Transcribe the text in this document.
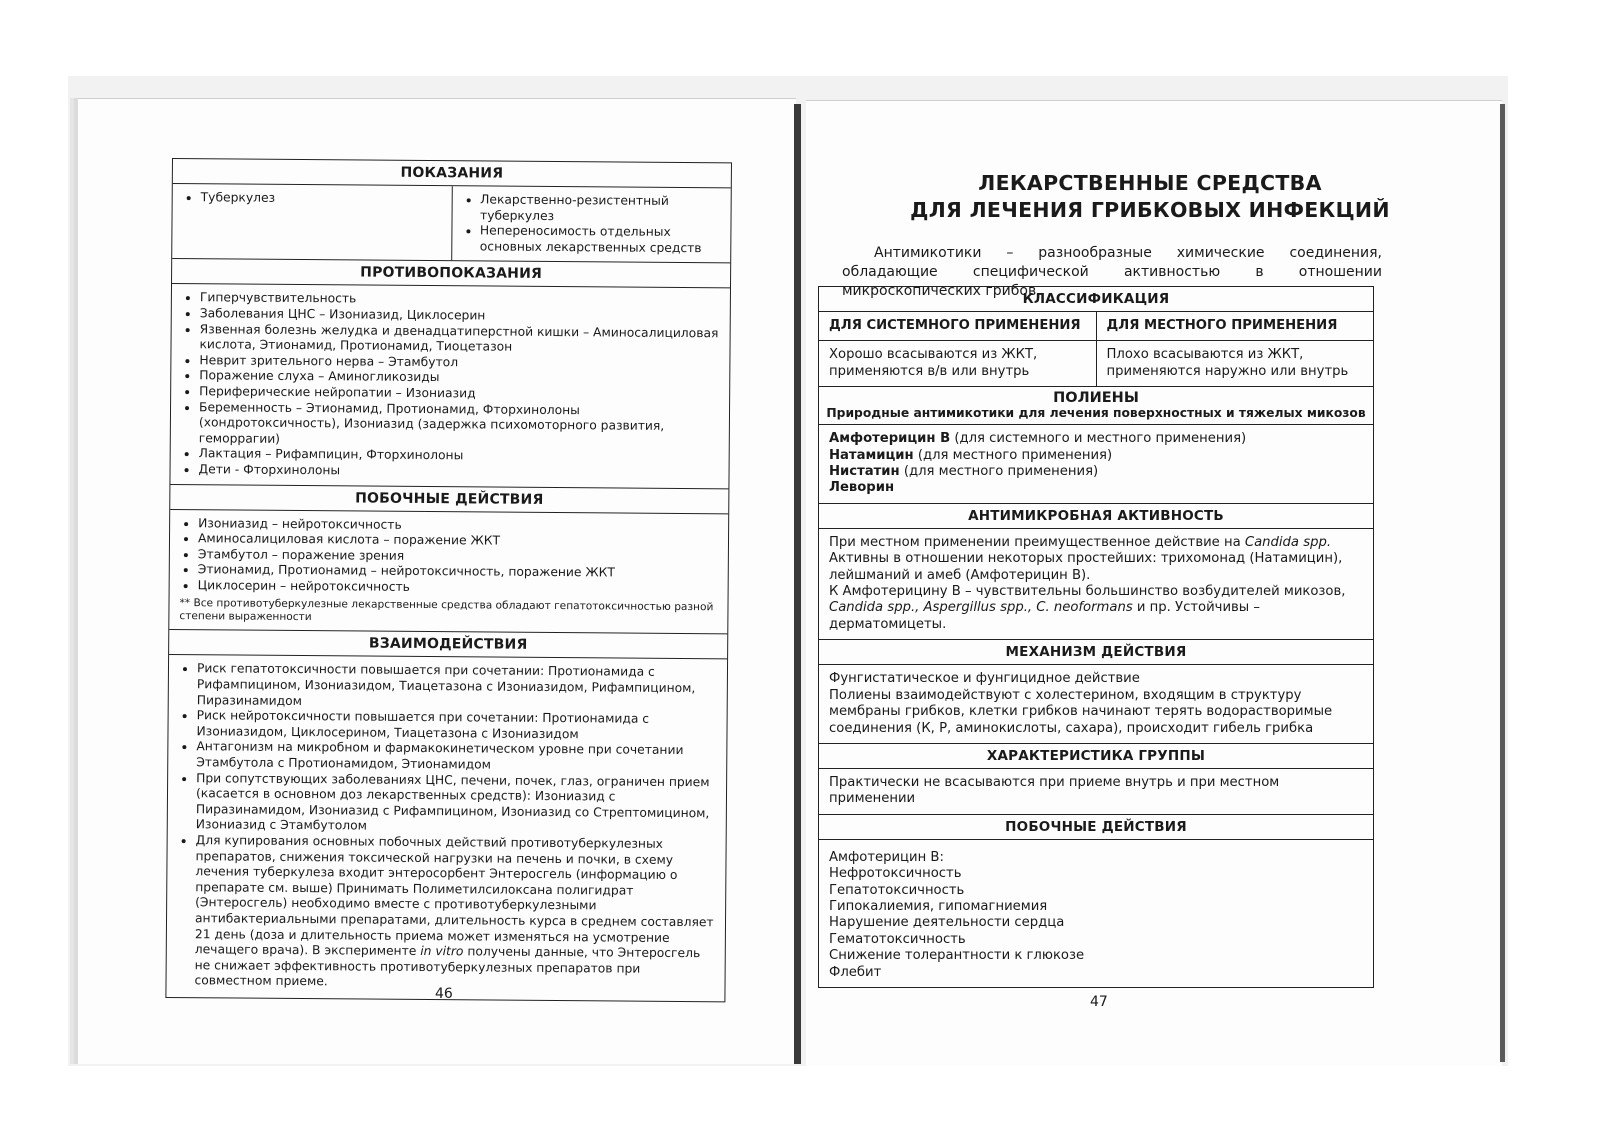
ПОКАЗАНИЯ
• Туберкулез
•	Лекарственно-резистентный туберкулез
• Непереносимость отдельных основных лекарственных средств
ПРОТИВОПОКАЗАНИЯ
• Гиперчувствительность
• Заболевания ЦНС – Изониазид, Циклосерин
• Язвенная болезнь желудка и двенадцатиперстной кишки – Аминосалициловая кислота, Этионамид, Протионамид, Тиоцетазон
• Неврит зрительного нерва – Этамбутол
• Поражение слуха – Аминогликозиды
• Периферические нейропатии – Изониазид
• Беременность – Этионамид, Протионамид, Фторхинолоны (хондротоксичность), Изониазид (задержка психомоторного развития, геморрагии)
• Лактация – Рифампицин, Фторхинолоны
• Дети - Фторхинолоны
ПОБОЧНЫЕ ДЕЙСТВИЯ
• Изониазид – нейротоксичность
• Аминосалициловая кислота – поражение ЖКТ
• Этамбутол – поражение зрения
• Этионамид, Протионамид – нейротоксичность, поражение ЖКТ
• Циклосерин – нейротоксичность
** Все противотуберкулезные лекарственные средства обладают гепатотоксичностью разной степени выраженности
ВЗАИМОДЕЙСТВИЯ
• Риск гепатотоксичности повышается при сочетании: Протионамида с Рифампицином, Изониазидом, Тиацетазона с Изониазидом, Рифампицином, Пиразинамидом
• Риск нейротоксичности повышается при сочетании: Протионамида с Изониазидом, Циклосерином, Тиацетазона с Изониазидом
• Антагонизм на микробном и фармакокинетическом уровне при сочетании Этамбутола с Протионамидом, Этионамидом
• При сопутствующих заболеваниях ЦНС, печени, почек, глаз, ограничен прием (касается в основном доз лекарственных средств): Изониазид с Пиразинамидом, Изониазид с Рифампицином, Изониазид со Стрептомицином, Изониазид с Этамбутолом
• Для купирования основных побочных действий противотуберкулезных препаратов, снижения токсической нагрузки на печень и почки, в схему лечения туберкулеза входит энтеросорбент Энтеросгель (информацию о препарате см. выше) Принимать Полиметилсилоксана полигидрат (Энтеросгель) необходимо вместе с противотуберкулезными антибактериальными препаратами, длительность курса в среднем составляет 21 день (доза и длительность приема может изменяться на усмотрение лечащего врача). В эксперименте in vitro получены данные, что Энтеросгель не снижает эффективность противотуберкулезных препаратов при совместном приеме.
46
ЛЕКАРСТВЕННЫЕ СРЕДСТВА
ДЛЯ ЛЕЧЕНИЯ ГРИБКОВЫХ ИНФЕКЦИЙ
Антимикотики – разнообразные химические соединения, обладающие специфической активностью в отношении микроскопических грибов.
КЛАССИФИКАЦИЯ
ДЛЯ СИСТЕМНОГО ПРИМЕНЕНИЯ	ДЛЯ МЕСТНОГО ПРИМЕНЕНИЯ
Хорошо всасываются из ЖКТ, применяются в/в или внутрь
Плохо всасываются из ЖКТ, применяются наружно или внутрь
ПОЛИЕНЫ
Природные антимикотики для лечения поверхностных и тяжелых микозов
Амфотерицин В (для системного и местного применения)
Натамицин (для местного применения)
Нистатин (для местного применения)
Леворин
АНТИМИКРОБНАЯ АКТИВНОСТЬ
При местном применении преимущественное действие на Candida spp.
Активны в отношении некоторых простейших: трихомонад (Натамицин), лейшманий и амеб (Амфотерицин В).
К Амфотерицину В – чувствительны большинство возбудителей микозов, Candida spp., Aspergillus spp., C. neoformans и пр. Устойчивы – дерматомицеты.
МЕХАНИЗМ ДЕЙСТВИЯ
Фунгистатическое и фунгицидное действие
Полиены взаимодействуют с холестерином, входящим в структуру мембраны грибков, клетки грибков начинают терять водорастворимые соединения (К, Р, аминокислоты, сахара), происходит гибель грибка
ХАРАКТЕРИСТИКА ГРУППЫ
Практически не всасываются при приеме внутрь и при местном применении
ПОБОЧНЫЕ ДЕЙСТВИЯ
Амфотерицин В:
Нефротоксичность
Гепатотоксичность
Гипокалиемия, гипомагниемия
Нарушение деятельности сердца
Гематотоксичность
Снижение толерантности к глюкозе
Флебит
47
